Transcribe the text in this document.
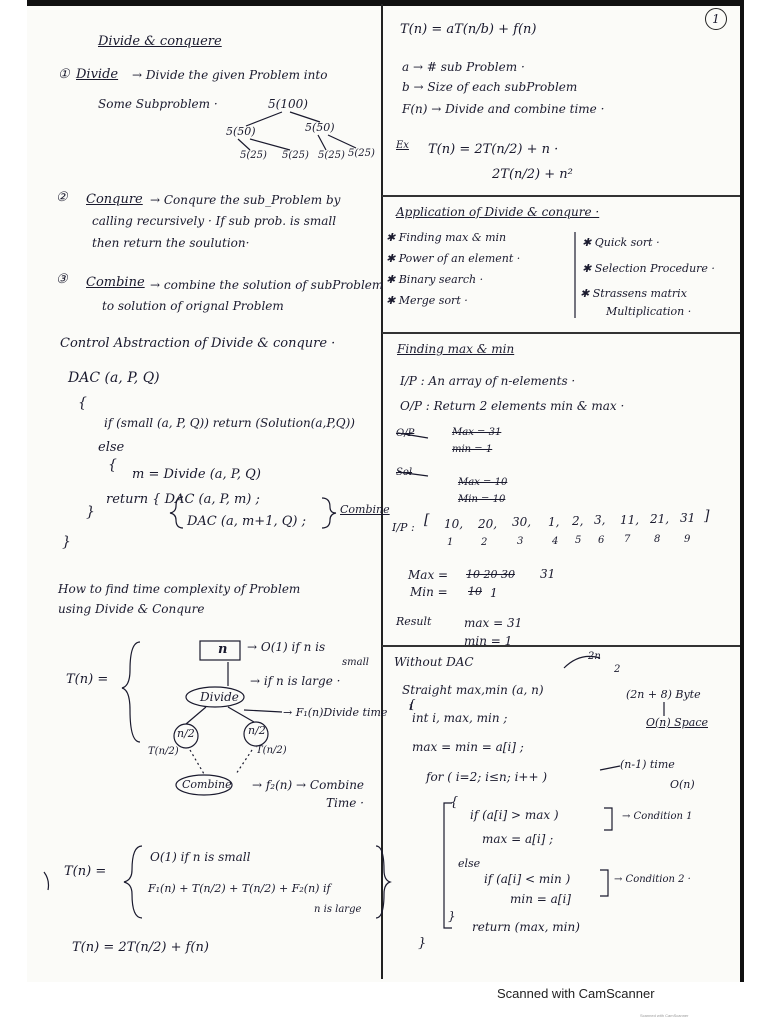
1
Divide & conquere
① Divide → Divide the given Problem into
Some Subproblem ·	5(100)
5(50)	5(50)
5(25) 5(25) 5(25) 5(25)
② Conqure → Conqure the sub_Problem by
calling recursively · If sub prob. is small
then return the soulution·
③ Combine → combine the solution of subProblem
to solution of orignal Problem
Control Abstraction of Divide & conqure ·
DAC (a, P, Q)
{
if (small (a, P, Q)) return (Solution(a,P,Q))
else
{
m = Divide (a, P, Q)
return { DAC (a, P, m) ;
DAC (a, m+1, Q) ;
}
}
Combine
How to find time complexity of Problem
using Divide & Conqure
T(n) =
n → O(1) if n is
small
→ if n is large ·
Divide
→ F₁(n)Divide time
n/2	n/2
T(n/2)	T(n/2)
Combine → f₂(n) → Combine
Time ·
T(n) =
O(1) if n is small
F₁(n) + T(n/2) + T(n/2) + F₂(n) if
n is large
T(n) = 2T(n/2) + f(n)
T(n) = aT(n/b) + f(n)
a → # sub Problem ·
b → Size of each subProblem
F(n) → Divide and combine time ·
Ex T(n) = 2T(n/2) + n ·
2T(n/2) + n²
Application of Divide & conqure ·
✱ Finding max & min
✱ Power of an element ·
✱ Binary search ·
✱ Merge sort ·
✱ Quick sort ·
✱ Selection Procedure ·
✱ Strassens matrix
Multiplication ·
Finding max & min
I/P : An array of n-elements ·
O/P : Return 2 elements min & max ·
O/P	Max = 31
min = 1
Sol
Max = 10
Min = 10
I/P : [	]
10, 20, 30, 1, 2, 3, 11, 21, 31
1	2	3	4 5 6 7 8 9
Max = 10 20 30 31
Min = 10 1
Result	max = 31
min = 1
Without DAC	2n
2
Straight max,min (a, n)	(2n + 8) Byte
O(n) Space
{
int i, max, min ;
max = min = a[i] ;
for ( i=2; i≤n; i++ )
{
if (a[i] > max )
max = a[i] ;
else
if (a[i] < min )
min = a[i]
}
return (max, min)
}
(n-1) time
O(n)
→ Condition 1
→ Condition 2 ·
Scanned with CamScanner
Scanned with CamScanner
